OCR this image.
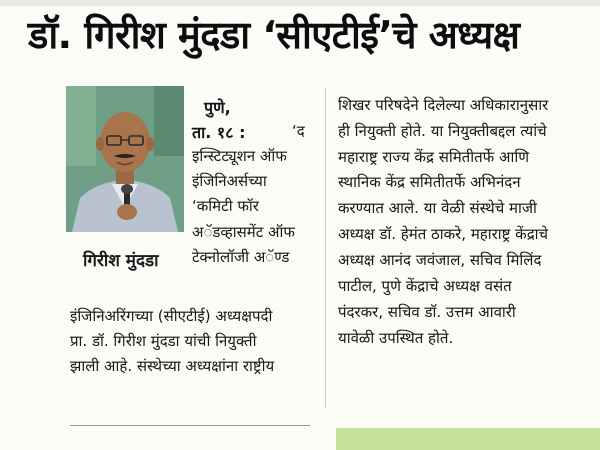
डॉ. गिरीश मुंदडा ‘सीएटीई’चे अध्यक्ष
गिरीश मुंदडा
पुणे,
ता. १८ :	‘द
इन्स्टिट्यूशन ऑफ
इंजिनिअर्सच्या
‘कमिटी फॉर
अॅडव्हासमेंट ऑफ
टेक्नोलॉजी अॅण्ड
इंजिनिअरिंगच्या (सीएटीई) अध्यक्षपदी
प्रा. डॉ. गिरीश मुंदडा यांची नियुक्ती
झाली आहे. संस्थेच्या अध्यक्षांना राष्ट्रीय
शिखर परिषदेने दिलेल्या अधिकारानुसार
ही नियुक्ती होते. या नियुक्तीबद्दल त्यांचे
महाराष्ट्र राज्य केंद्र समितीतर्फे आणि
स्थानिक केंद्र समितीतर्फे अभिनंदन
करण्यात आले. या वेळी संस्थेचे माजी
अध्यक्ष डॉ. हेमंत ठाकरे, महाराष्ट्र केंद्राचे
अध्यक्ष आनंद जवंजाल, सचिव मिलिंद
पाटील, पुणे केंद्राचे अध्यक्ष वसंत
पंदरकर, सचिव डॉ. उत्तम आवारी
यावेळी उपस्थित होते.
